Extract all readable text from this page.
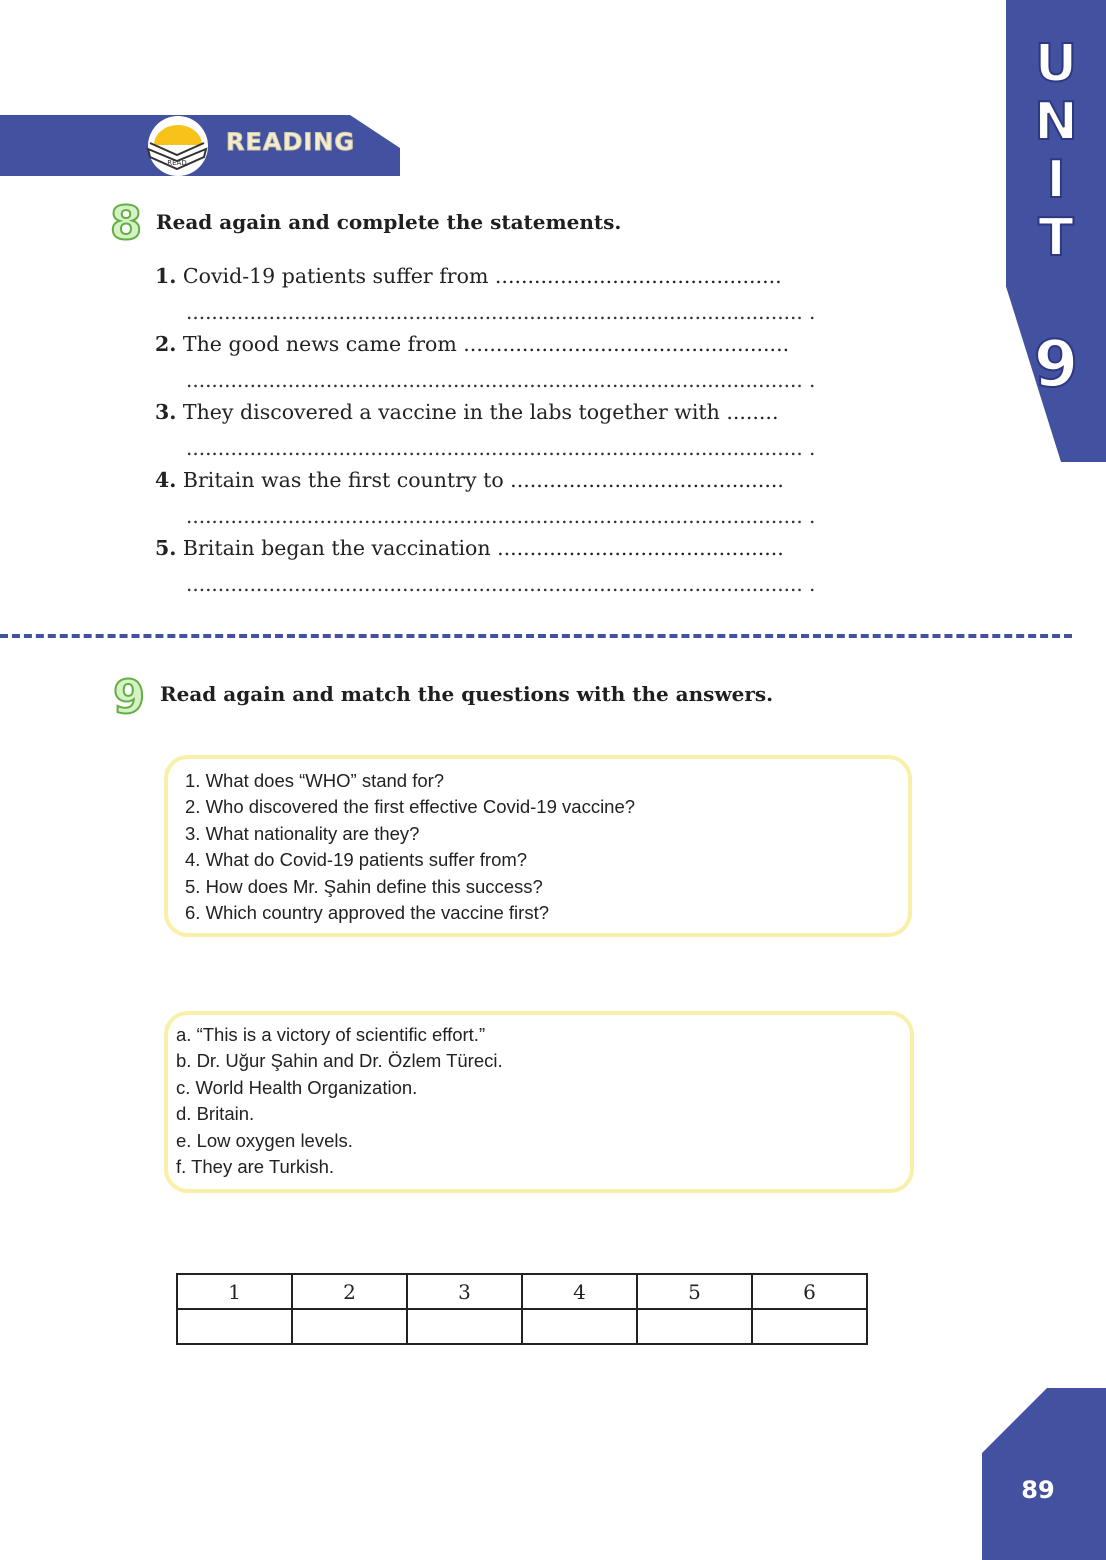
U
N
I
T
9
READ
READING
8 Read again and complete the statements.
1. Covid-19 patients suffer from ............................................
................................................................................................. .
2. The good news came from ..................................................
................................................................................................. .
3. They discovered a vaccine in the labs together with ........
................................................................................................. .
4. Britain was the first country to ..........................................
................................................................................................. .
5. Britain began the vaccination ............................................
................................................................................................. .
9 Read again and match the questions with the answers.
1. What does “WHO” stand for?
2. Who discovered the first effective Covid-19 vaccine?
3. What nationality are they?
4. What do Covid-19 patients suffer from?
5. How does Mr. Şahin define this success?
6. Which country approved the vaccine first?
a. “This is a victory of scientific effort.”
b. Dr. Uğur Şahin and Dr. Özlem Türeci.
c. World Health Organization.
d. Britain.
e. Low oxygen levels.
f. They are Turkish.
1	2	3	4	5	6

89
